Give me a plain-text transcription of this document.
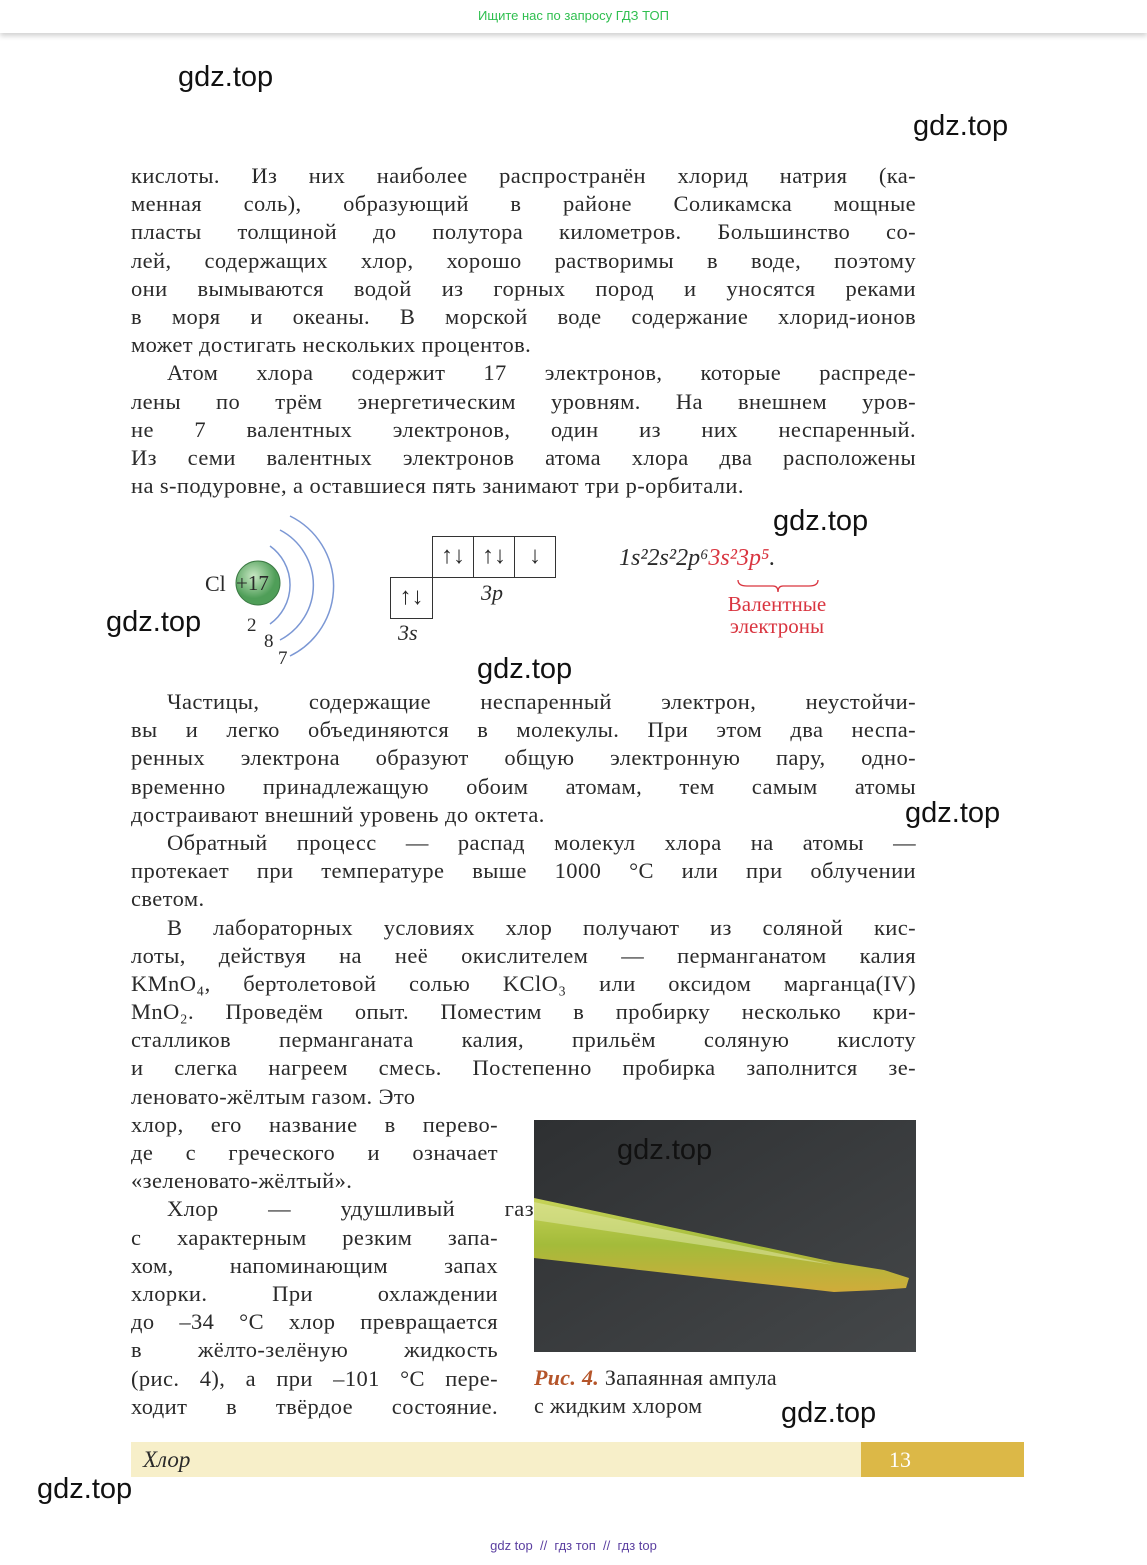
Ищите нас по запросу ГДЗ ТОП
кислоты. Из них наиболее распространён хлорид натрия (ка-
менная соль), образующий в районе Соликамска мощные
пласты толщиной до полутора километров. Большинство со-
лей, содержащих хлор, хорошо растворимы в воде, поэтому
они вымываются водой из горных пород и уносятся реками
в моря и океаны. В морской воде содержание хлорид-ионов
может достигать нескольких процентов.
Атом хлора содержит 17 электронов, которые распреде-
лены по трём энергетическим уровням. На внешнем уров-
не 7 валентных электронов, один из них неспаренный.
Из семи валентных электронов атома хлора два расположены
на s-подуровне, а оставшиеся пять занимают три p-орбитали.
Cl +17
2
8
7
↑↓
↑↓ ↑↓ ↓
3s
3p
1s²2s²2p⁶3s²3p⁵.
Валентные
электроны
Частицы, содержащие неспаренный электрон, неустойчи-
вы и легко объединяются в молекулы. При этом два неспа-
ренных электрона образуют общую электронную пару, одно-
временно принадлежащую обоим атомам, тем самым атомы
достраивают внешний уровень до октета.
Обратный процесс — распад молекул хлора на атомы —
протекает при температуре выше 1000 °С или при облучении
светом.
В лабораторных условиях хлор получают из соляной кис-
лоты, действуя на неё окислителем — перманганатом калия
KMnO₄, бертолетовой солью KClO₃ или оксидом марганца(IV)
MnO₂. Проведём опыт. Поместим в пробирку несколько кри-
сталликов перманганата калия, прильём соляную кислоту
и слегка нагреем смесь. Постепенно пробирка заполнится зе-
леновато-жёлтым газом. Это
хлор, его название в перево-
де с греческого и означает
«зеленовато-жёлтый».
Хлор — удушливый газ
с характерным резким запа-
хом, напоминающим запах
хлорки. При охлаждении
до –34 °С хлор превращается
в жёлто-зелёную жидкость
(рис. 4), а при –101 °С пере-
ходит в твёрдое состояние.
Рис. 4. Запаянная ампула
с жидким хлором
Хлор	13
gdz.top
gdz.top
gdz.top
gdz.top
gdz.top
gdz.top
gdz.top
gdz.top
gdz.top
gdz top  //  гдз топ  //  гдз top
